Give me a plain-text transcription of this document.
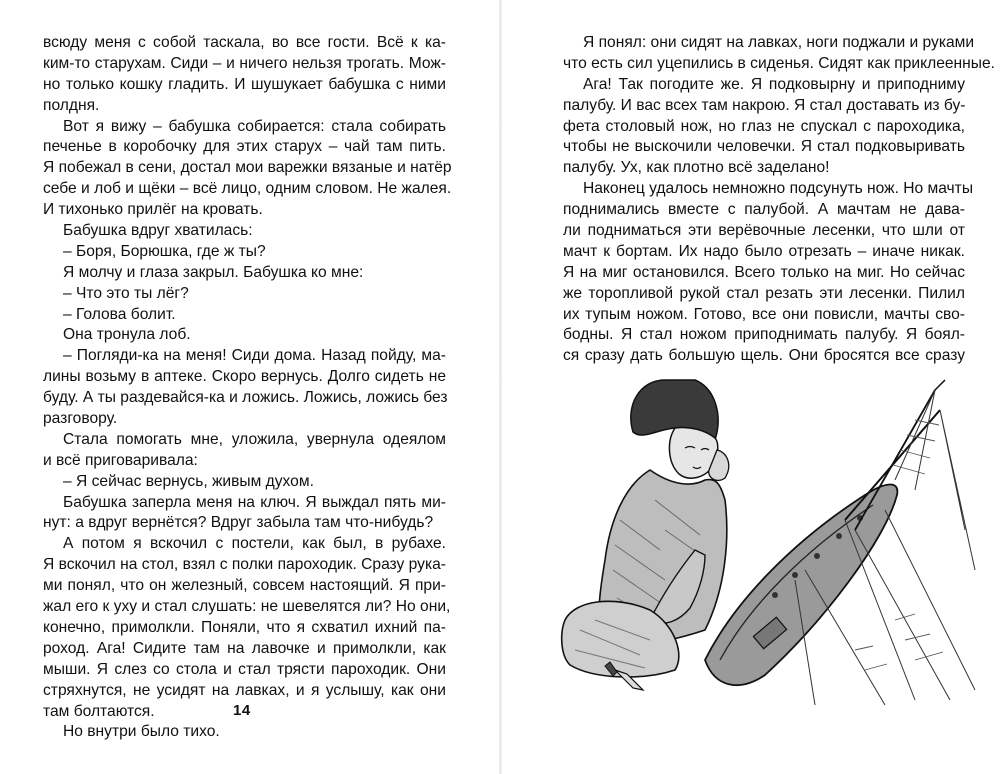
всюду меня с собой таскала, во все гости. Всё к ка-
ким-то старухам. Сиди – и ничего нельзя трогать. Мож-
но только кошку гладить. И шушукает бабушка с ними
полдня.
Вот я вижу – бабушка собирается: стала собирать
печенье в коробочку для этих старух – чай там пить.
Я побежал в сени, достал мои варежки вязаные и натёр
себе и лоб и щёки – всё лицо, одним словом. Не жалея.
И тихонько прилёг на кровать.
Бабушка вдруг хватилась:
– Боря, Борюшка, где ж ты?
Я молчу и глаза закрыл. Бабушка ко мне:
– Что это ты лёг?
– Голова болит.
Она тронула лоб.
– Погляди-ка на меня! Сиди дома. Назад пойду, ма-
лины возьму в аптеке. Скоро вернусь. Долго сидеть не
буду. А ты раздевайся-ка и ложись. Ложись, ложись без
разговору.
Стала помогать мне, уложила, увернула одеялом
и всё приговаривала:
– Я сейчас вернусь, живым духом.
Бабушка заперла меня на ключ. Я выждал пять ми-
нут: а вдруг вернётся? Вдруг забыла там что-нибудь?
А потом я вскочил с постели, как был, в рубахе.
Я вскочил на стол, взял с полки пароходик. Сразу рука-
ми понял, что он железный, совсем настоящий. Я при-
жал его к уху и стал слушать: не шевелятся ли? Но они,
конечно, примолкли. Поняли, что я схватил ихний па-
роход. Ага! Сидите там на лавочке и примолкли, как
мыши. Я слез со стола и стал трясти пароходик. Они
стряхнутся, не усидят на лавках, и я услышу, как они
там болтаются.
Но внутри было тихо.
14
Я понял: они сидят на лавках, ноги поджали и руками
что есть сил уцепились в сиденья. Сидят как приклеенные.
Ага! Так погодите же. Я подковырну и приподниму
палубу. И вас всех там накрою. Я стал доставать из бу-
фета столовый нож, но глаз не спускал с пароходика,
чтобы не выскочили человечки. Я стал подковыривать
палубу. Ух, как плотно всё заделано!
Наконец удалось немножно подсунуть нож. Но мачты
поднимались вместе с палубой. А мачтам не дава-
ли подниматься эти верёвочные лесенки, что шли от
мачт к бортам. Их надо было отрезать – иначе никак.
Я на миг остановился. Всего только на миг. Но сейчас
же торопливой рукой стал резать эти лесенки. Пилил
их тупым ножом. Готово, все они повисли, мачты сво-
бодны. Я стал ножом приподнимать палубу. Я боял-
ся сразу дать большую щель. Они бросятся все сразу
